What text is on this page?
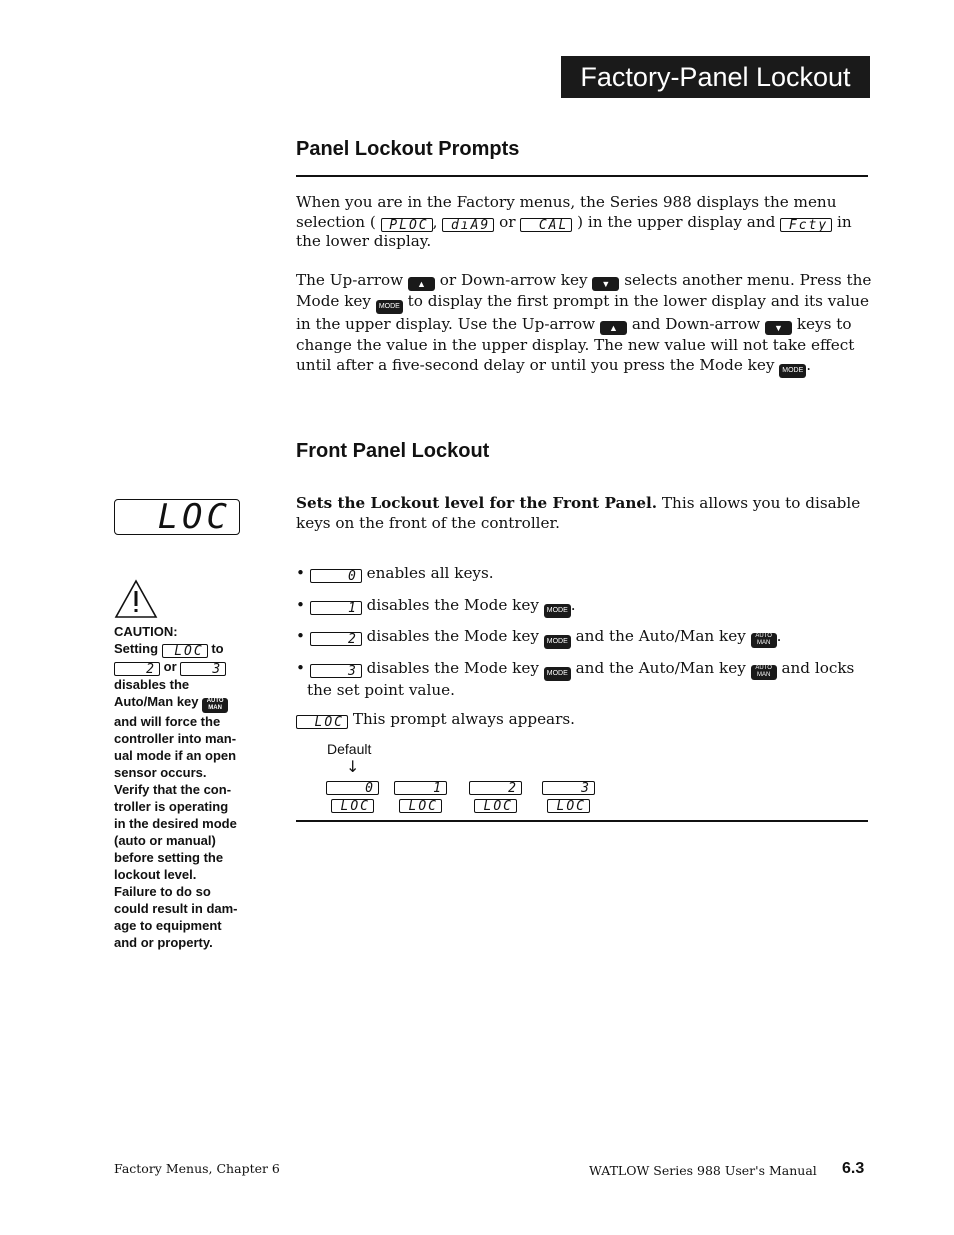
Factory-Panel Lockout
Panel Lockout Prompts
When you are in the Factory menus, the Series 988 displays the menu
selection ( PLOC , dıA9 or CAL ) in the upper display and Fcty in
the lower display.
The Up-arrow ▲ or Down-arrow key ▼ selects another menu. Press the
Mode key MODE to display the first prompt in the lower display and its value
in the upper display. Use the Up-arrow ▲ and Down-arrow ▼ keys to
change the value in the upper display. The new value will not take effect
until after a five-second delay or until you press the Mode key MODE .
Front Panel Lockout
LOC	Sets the Lockout level for the Front Panel. This allows you to disable
keys on the front of the controller.
•	0 enables all keys.
•	1 disables the Mode key MODE .
•	2 disables the Mode key MODE and the Auto/Man key AUTO
MAN .
•	3 disables the Mode key MODE and the Auto/Man key AUTO
MAN and locks
the set point value.
LOC This prompt always appears.
Default
↓
0
LOC
1
LOC
2
LOC
3
LOC
CAUTION:
Setting LOC to
2 or	3
disables the
Auto/Man key AUTO
MAN
and will force the
controller into man-
ual mode if an open
sensor occurs.
Verify that the con-
troller is operating
in the desired mode
(auto or manual)
before setting the
lockout level.
Failure to do so
could result in dam-
age to equipment
and or property.
Factory Menus, Chapter 6	WATLOW Series 988 User's Manual 6.3
